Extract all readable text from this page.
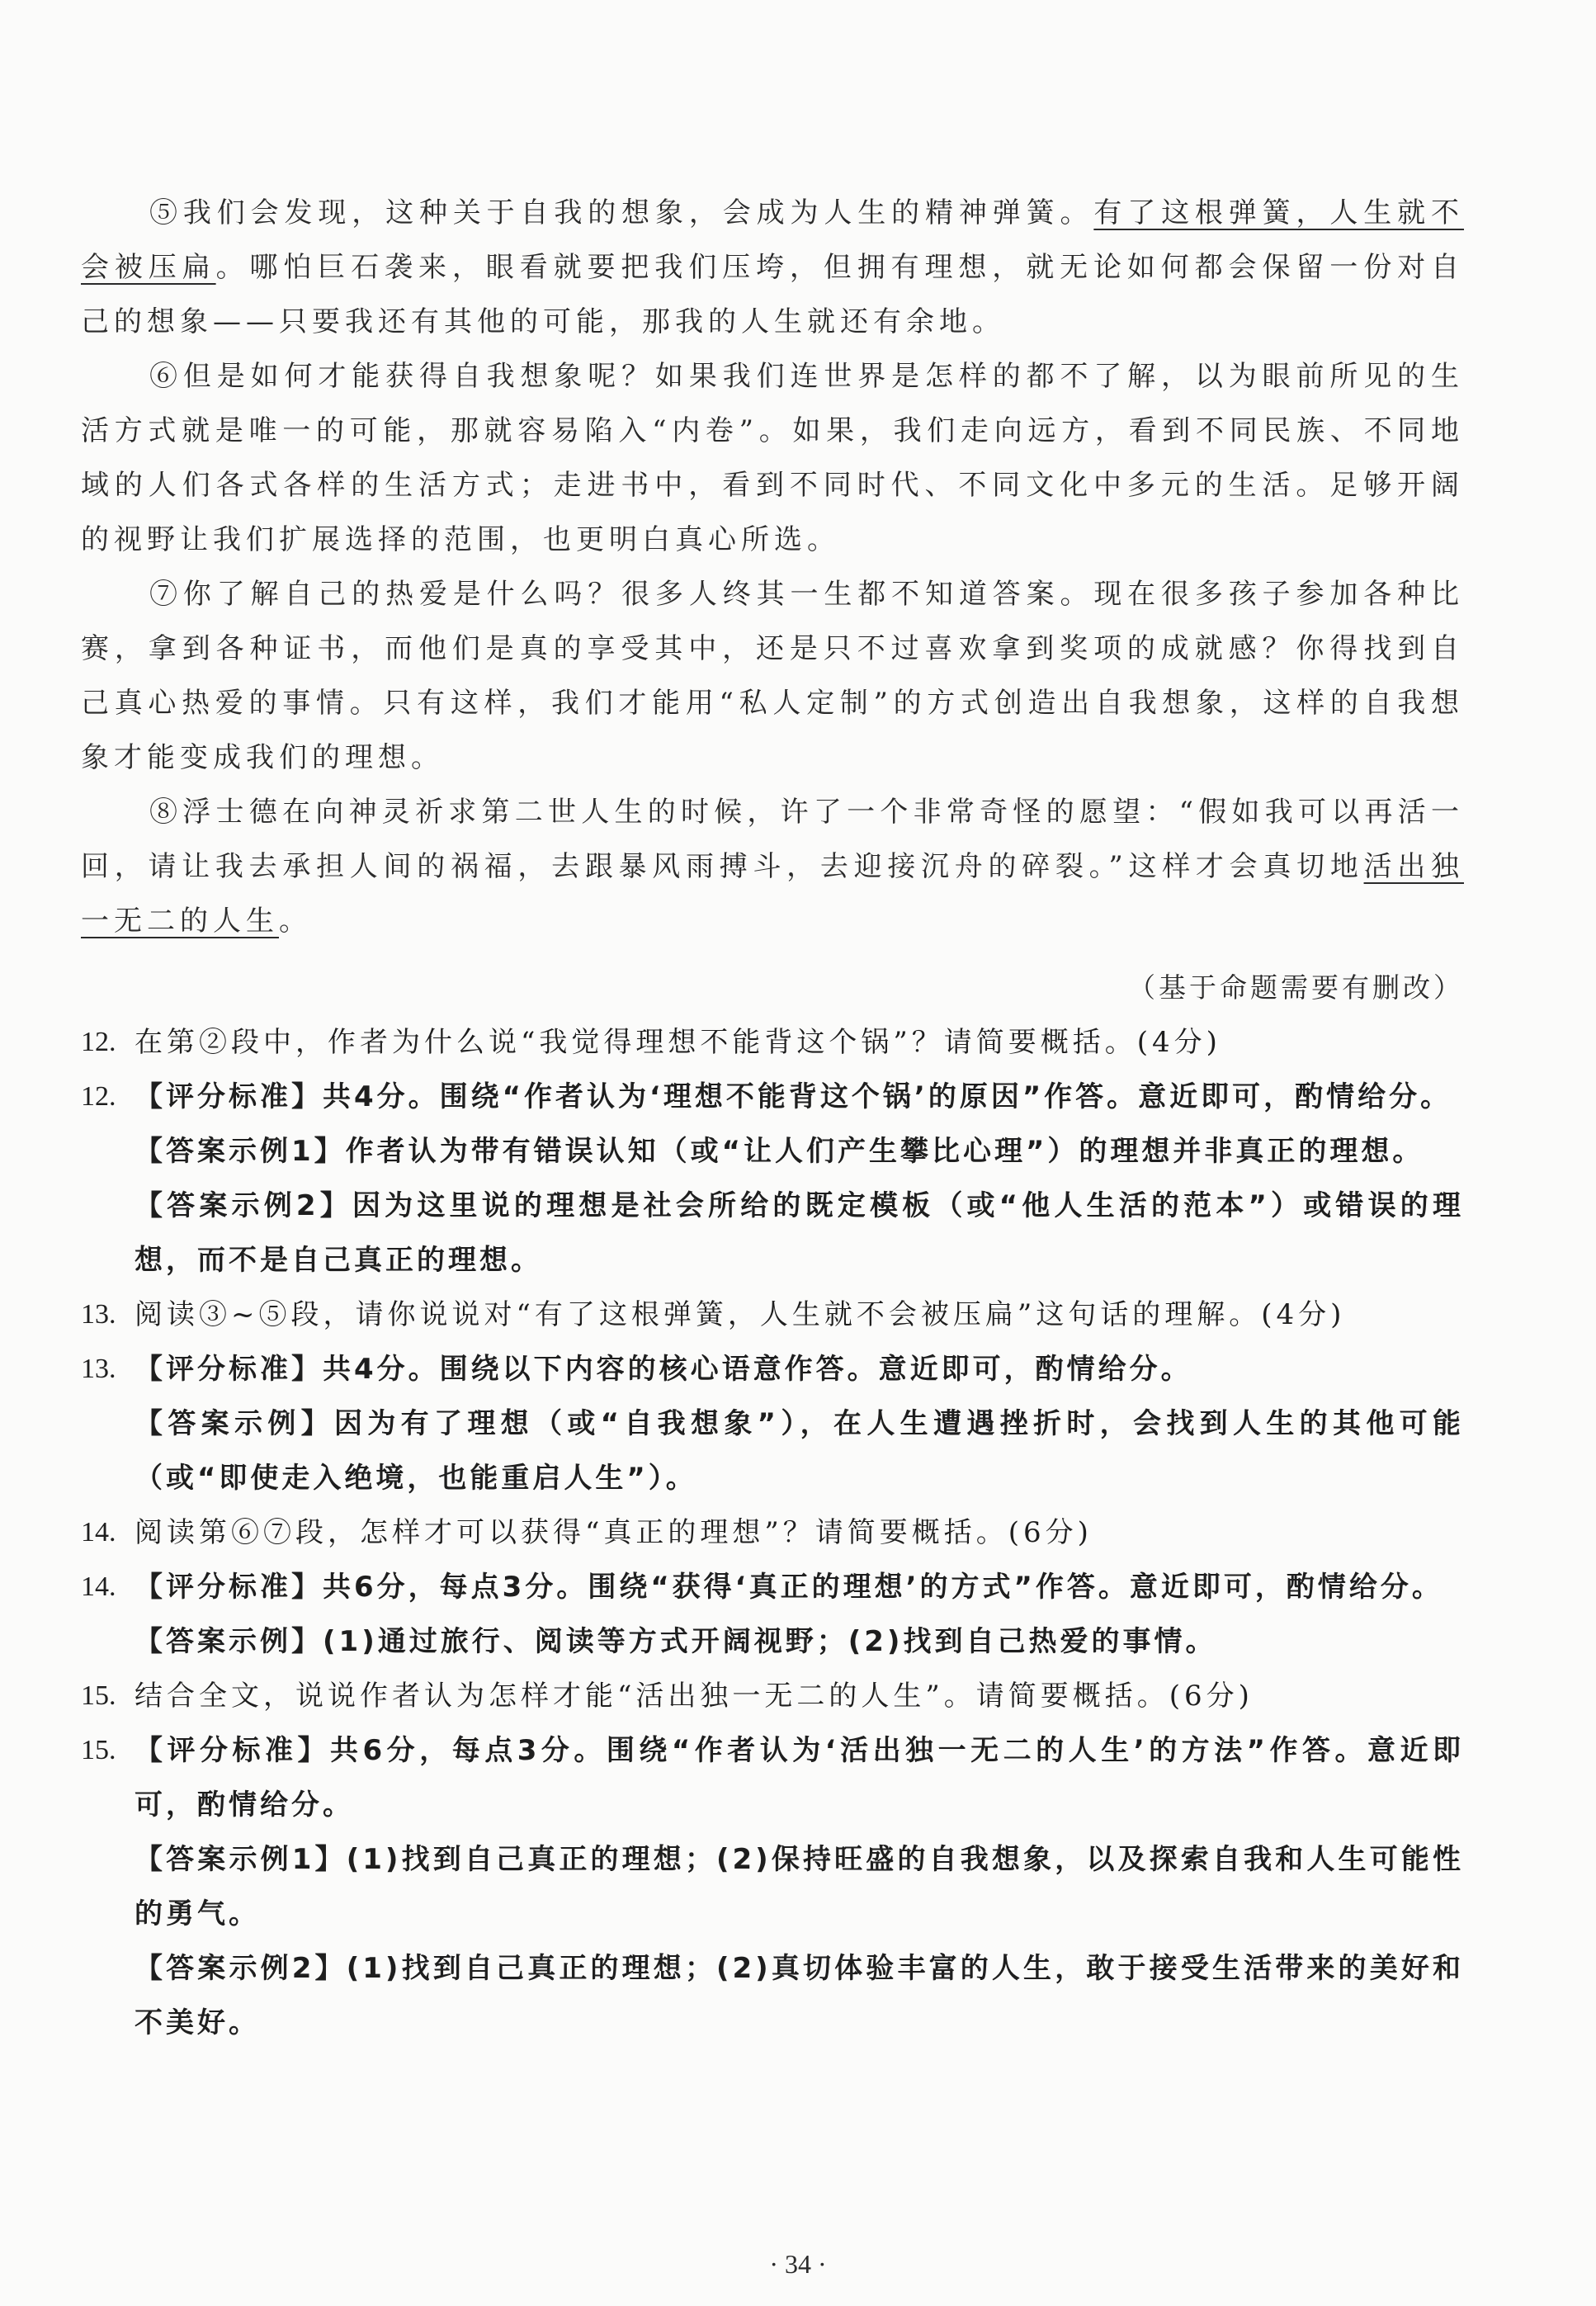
⑤我们会发现，这种关于自我的想象，会成为人生的精神弹簧。有了这根弹簧，人生就不会被压扁。哪怕巨石袭来，眼看就要把我们压垮，但拥有理想，就无论如何都会保留一份对自己的想象——只要我还有其他的可能，那我的人生就还有余地。

⑥但是如何才能获得自我想象呢？如果我们连世界是怎样的都不了解，以为眼前所见的生活方式就是唯一的可能，那就容易陷入“内卷”。如果，我们走向远方，看到不同民族、不同地域的人们各式各样的生活方式；走进书中，看到不同时代、不同文化中多元的生活。足够开阔的视野让我们扩展选择的范围，也更明白真心所选。

⑦你了解自己的热爱是什么吗？很多人终其一生都不知道答案。现在很多孩子参加各种比赛，拿到各种证书，而他们是真的享受其中，还是只不过喜欢拿到奖项的成就感？你得找到自己真心热爱的事情。只有这样，我们才能用“私人定制”的方式创造出自我想象，这样的自我想象才能变成我们的理想。

⑧浮士德在向神灵祈求第二世人生的时候，许了一个非常奇怪的愿望：“假如我可以再活一回，请让我去承担人间的祸福，去跟暴风雨搏斗，去迎接沉舟的碎裂。”这样才会真切地活出独一无二的人生。

（基于命题需要有删改）
12. 在第②段中，作者为什么说“我觉得理想不能背这个锅”？请简要概括。(4分)
12. 【评分标准】共4分。围绕“作者认为‘理想不能背这个锅’的原因”作答。意近即可，酌情给分。
【答案示例1】作者认为带有错误认知（或“让人们产生攀比心理”）的理想并非真正的理想。
【答案示例2】因为这里说的理想是社会所给的既定模板（或“他人生活的范本”）或错误的理想，而不是自己真正的理想。
13. 阅读③~⑤段，请你说说对“有了这根弹簧，人生就不会被压扁”这句话的理解。(4分)
13. 【评分标准】共4分。围绕以下内容的核心语意作答。意近即可，酌情给分。
【答案示例】因为有了理想（或“自我想象”），在人生遭遇挫折时，会找到人生的其他可能（或“即使走入绝境，也能重启人生”）。
14. 阅读第⑥⑦段，怎样才可以获得“真正的理想”？请简要概括。(6分)
14. 【评分标准】共6分，每点3分。围绕“获得‘真正的理想’的方式”作答。意近即可，酌情给分。
【答案示例】(1)通过旅行、阅读等方式开阔视野；(2)找到自己热爱的事情。
15. 结合全文，说说作者认为怎样才能“活出独一无二的人生”。请简要概括。(6分)
15. 【评分标准】共6分，每点3分。围绕“作者认为‘活出独一无二的人生’的方法”作答。意近即可，酌情给分。
【答案示例1】(1)找到自己真正的理想；(2)保持旺盛的自我想象，以及探索自我和人生可能性的勇气。
【答案示例2】(1)找到自己真正的理想；(2)真切体验丰富的人生，敢于接受生活带来的美好和不美好。
· 34 ·
